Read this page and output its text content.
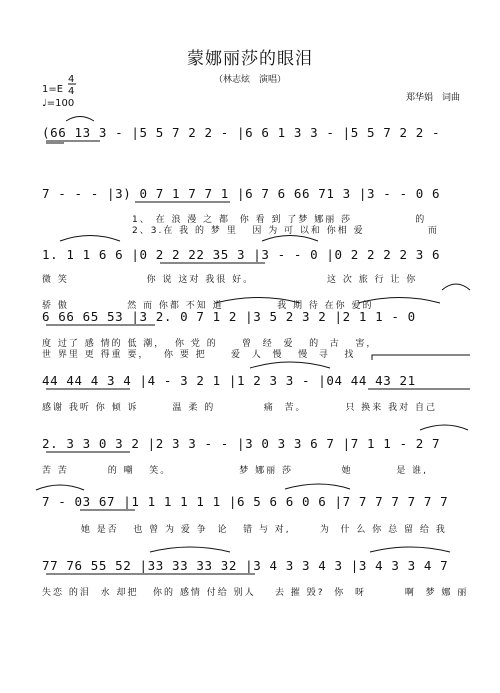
蒙娜丽莎的眼泪
（林志炫　演唱）
郑华娟　词曲
1=E
4
4
♩=100
(66 13 3 - |5 5 7 2 2 - |6 6 1 3 3 - |5 5 7 2 2 -
7 - - - |3) 0 7 1 7 7 1 |6 7 6 66 71 3 |3 - - 0 6
1、 在 浪 漫 之 都  你 看 到 了梦 娜丽 莎             的
2、3.在 我 的 梦 里   因 为 可 以和 你相 爱             而
1. 1 1 6 6 |0 2 2 22 35 3 |3 - - 0 |0 2 2 2 2 3 6
微 笑                你 说 这对 我很 好。               这 次 旅 行 让 你
6 66 65 53 |3 2. 0 7 1 2 |3 5 2 3 2 |2 1 1 - 0
骄 傲            然 而 你都 不知 道           我 期 待 在你 爱的
度 过了 感 情的 低 潮，  你 党 的     曾  经  爱   的  古   害，
世 界里 更 得重 要，   你 要 把     爱  人  慢   慢  寻   找
44 44 4 3 4 |4 - 3 2 1 |1 2 3 3 - |04 44 43 21
感谢 我听 你 倾 诉       温 柔 的          痛  苦。        只 换来 我对 自己
2. 3 3 0 3 2 |2 3 3 - - |3 0 3 3 6 7 |7 1 1 - 2 7
苦 苦        的 嘲   笑。              梦 娜丽 莎          她         是 谁,
7 - 03 67 |1 1 1 1 1 1 |6 5 6 6 0 6 |7 7 7 7 7 7 7
她 是否   也 曾 为 爱 争  论   错 与 对,      为  什 么 你 总 留 给 我
77 76 55 52 |33 33 33 32 |3 4 3 3 4 3 |3 4 3 3 4 7
失恋 的泪  水 却把   你的 感情 付给 别人    去 摧 毁?  你  呀        啊  梦 娜 丽
